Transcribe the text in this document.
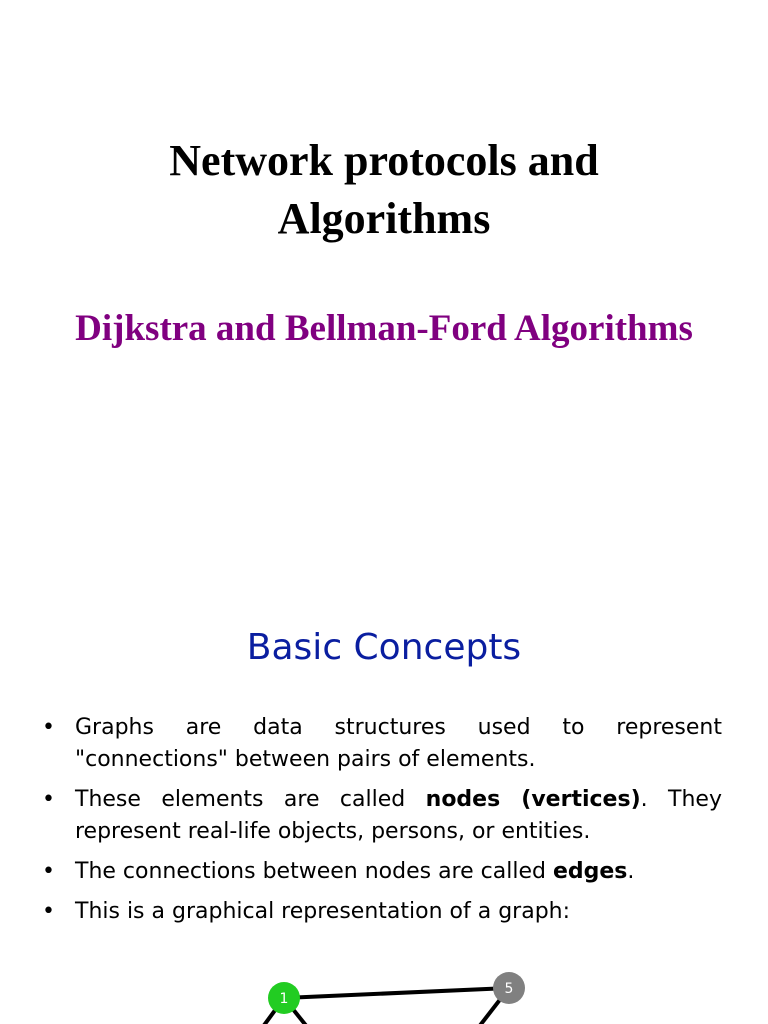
Network protocols and Algorithms
Dijkstra and Bellman-Ford Algorithms
Basic Concepts
• Graphs are data structures used to represent "connections" between pairs of elements.
• These elements are called nodes (vertices). They represent real-life objects, persons, or entities.
• The connections between nodes are called edges.
• This is a graphical representation of a graph:
1
5
